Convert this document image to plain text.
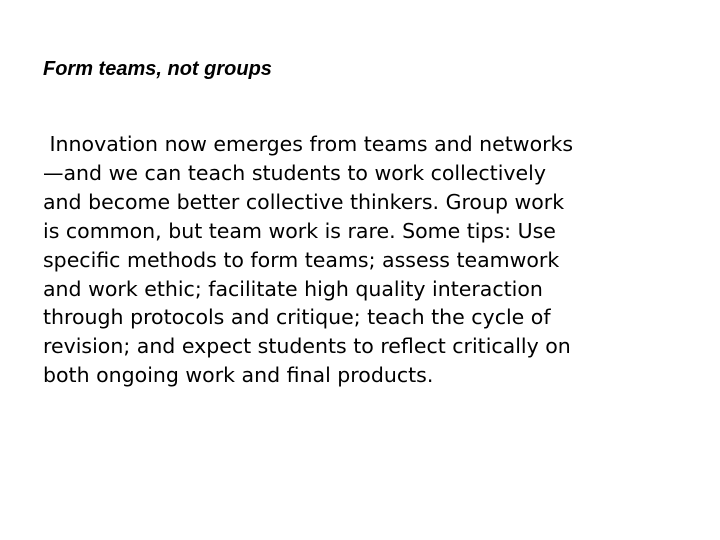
Form teams, not groups

Innovation now emerges from teams and networks
—and we can teach students to work collectively
and become better collective thinkers. Group work
is common, but team work is rare. Some tips: Use
specific methods to form teams; assess teamwork
and work ethic; facilitate high quality interaction
through protocols and critique; teach the cycle of
revision; and expect students to reflect critically on
both ongoing work and final products.
